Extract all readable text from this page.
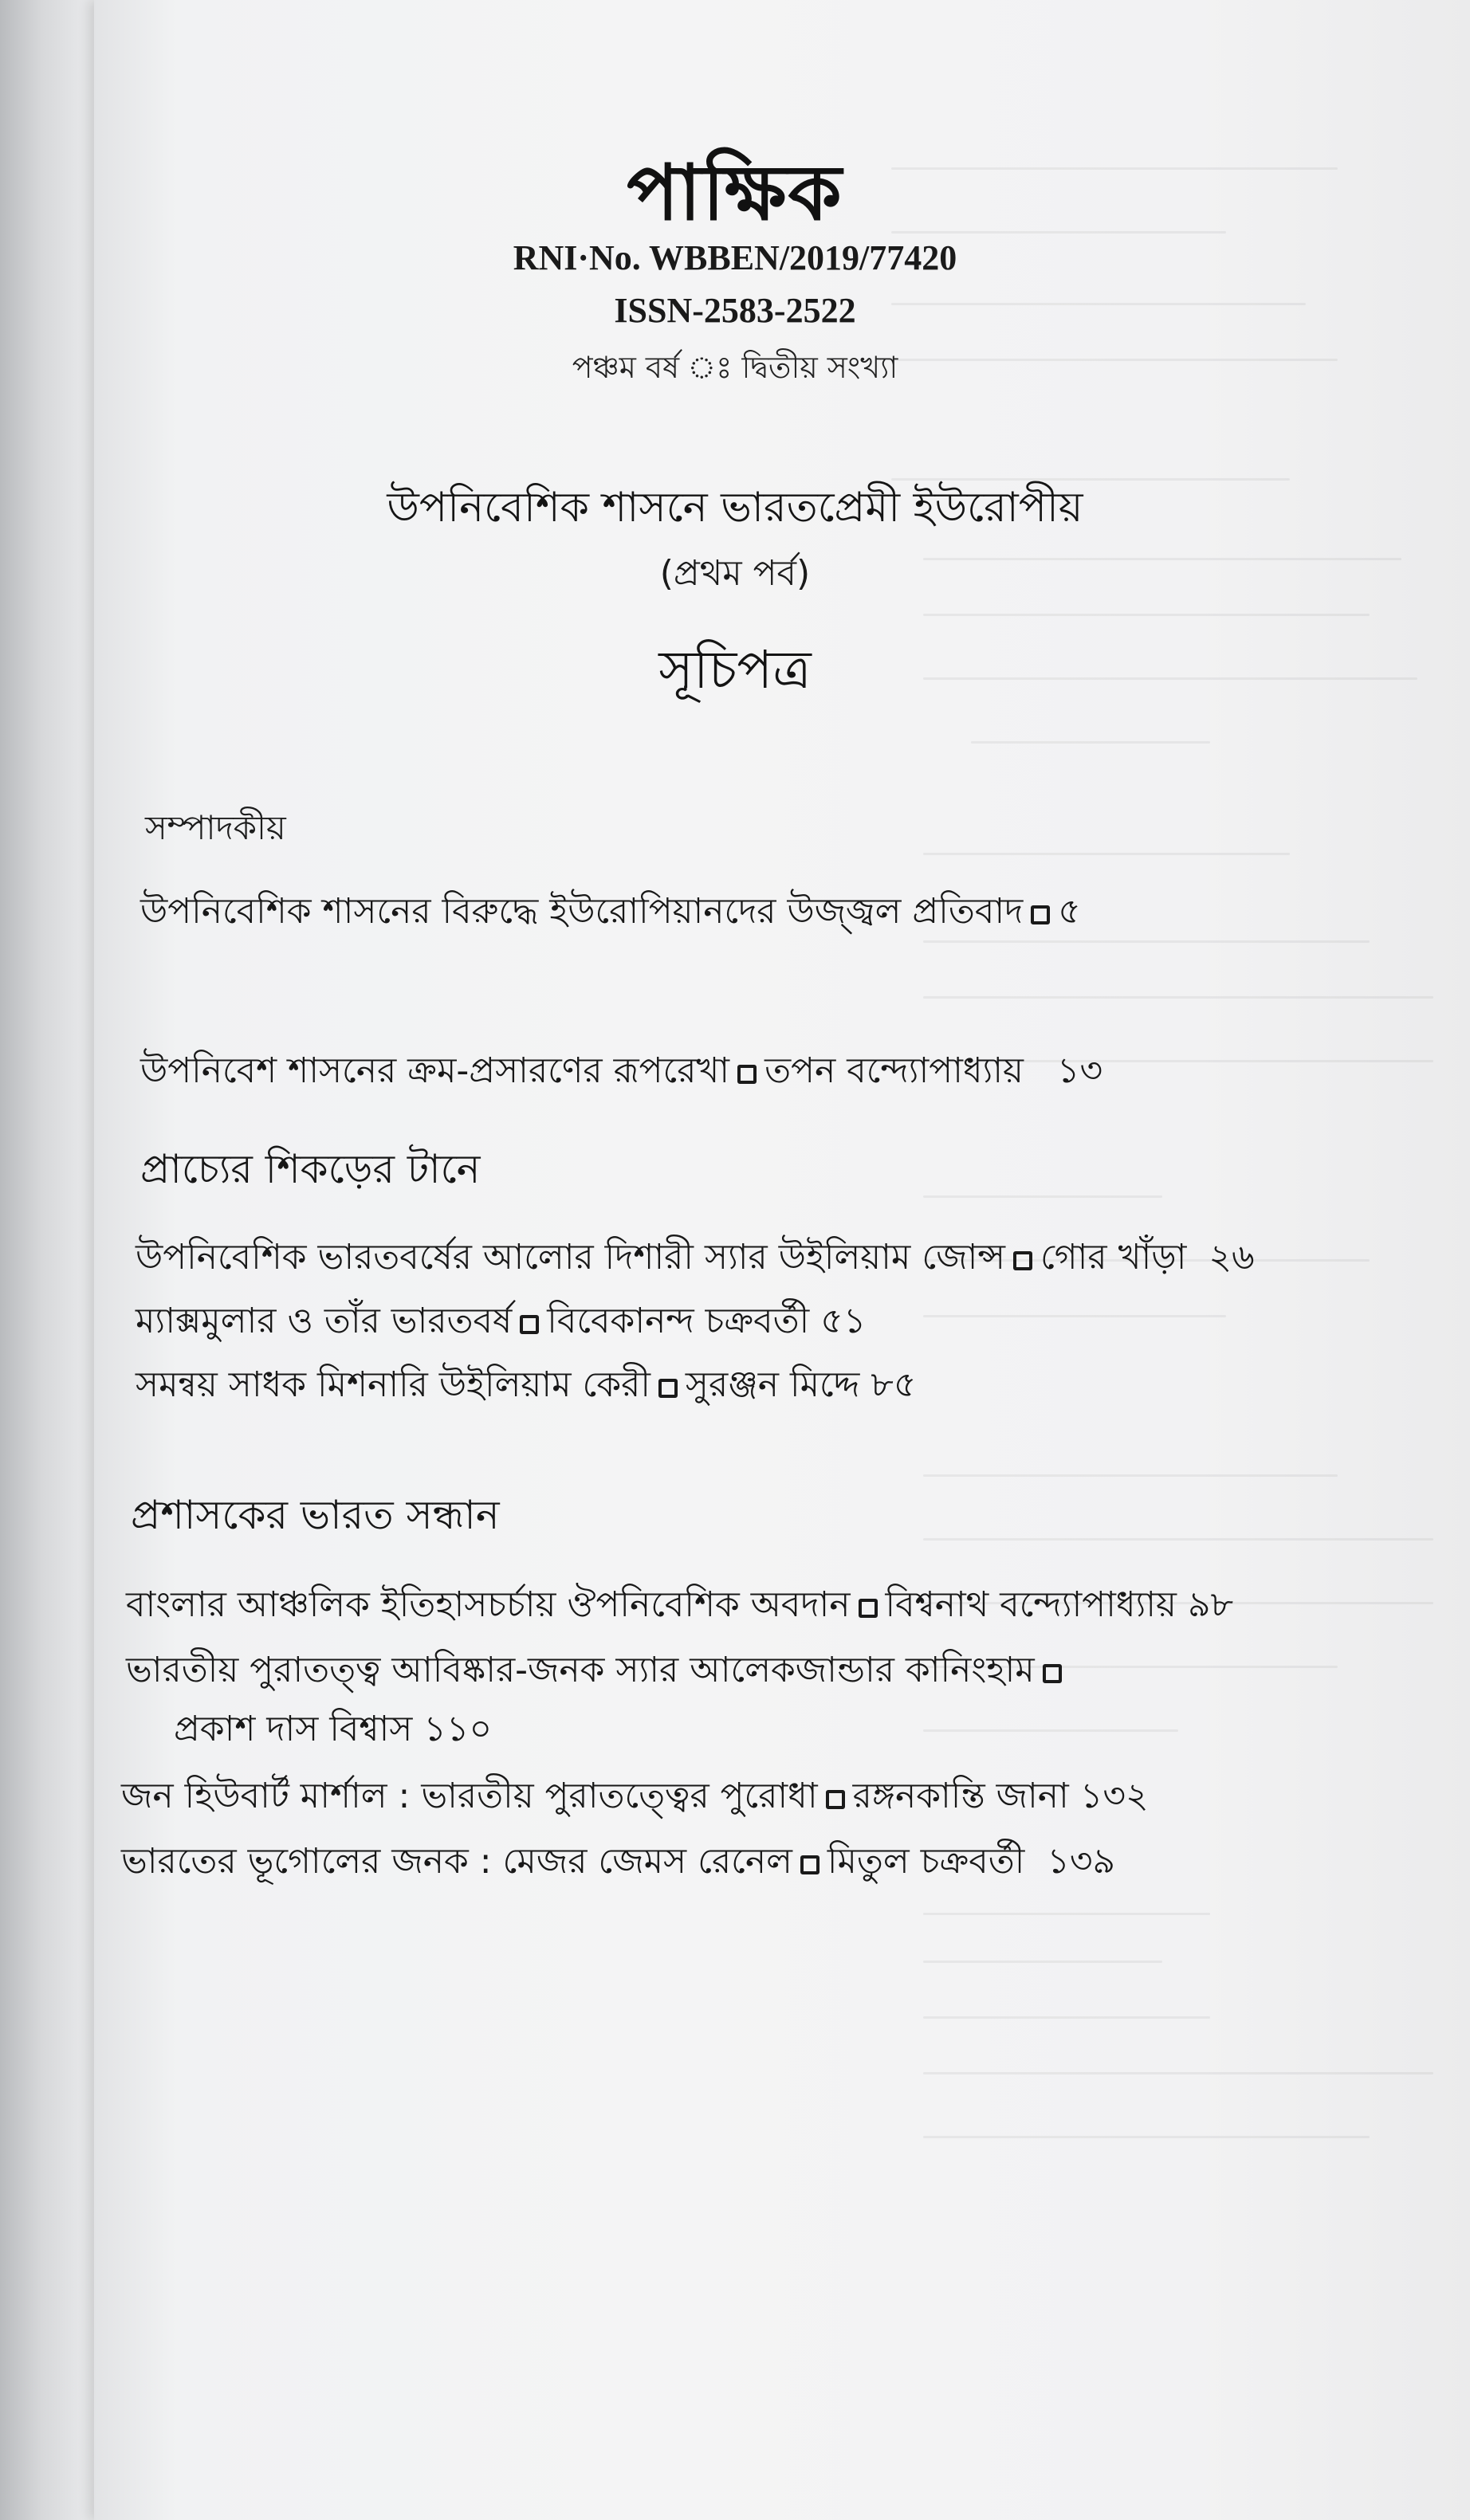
পাক্ষিক
RNI·No. WBBEN/2019/77420
ISSN-2583-2522
পঞ্চম বর্ষ ঃ দ্বিতীয় সংখ্যা
উপনিবেশিক শাসনে ভারতপ্রেমী ইউরোপীয়
(প্রথম পর্ব)
সূচিপত্র
সম্পাদকীয়
উপনিবেশিক শাসনের বিরুদ্ধে ইউরোপিয়ানদের উজ্জ্বল প্রতিবাদ ৫
উপনিবেশ শাসনের ক্রম-প্রসারণের রূপরেখা তপন বন্দ্যোপাধ্যায় ১৩
প্রাচ্যের শিকড়ের টানে
উপনিবেশিক ভারতবর্ষের আলোর দিশারী স্যার উইলিয়াম জোন্স গোর খাঁড়া ২৬
ম্যাক্সমুলার ও তাঁর ভারতবর্ষ বিবেকানন্দ চক্রবর্তী ৫১
সমন্বয় সাধক মিশনারি উইলিয়াম কেরী সুরঞ্জন মিদ্দে ৮৫
প্রশাসকের ভারত সন্ধান
বাংলার আঞ্চলিক ইতিহাসচর্চায় ঔপনিবেশিক অবদান বিশ্বনাথ বন্দ্যোপাধ্যায় ৯৮
ভারতীয় পুরাতত্ত্ব আবিষ্কার-জনক স্যার আলেকজান্ডার কানিংহাম
প্রকাশ দাস বিশ্বাস ১১০
জন হিউবার্ট মার্শাল : ভারতীয় পুরাতত্ত্বের পুরোধা রঙ্গনকান্তি জানা ১৩২
ভারতের ভূগোলের জনক : মেজর জেমস রেনেল মিতুল চক্রবর্তী ১৩৯
